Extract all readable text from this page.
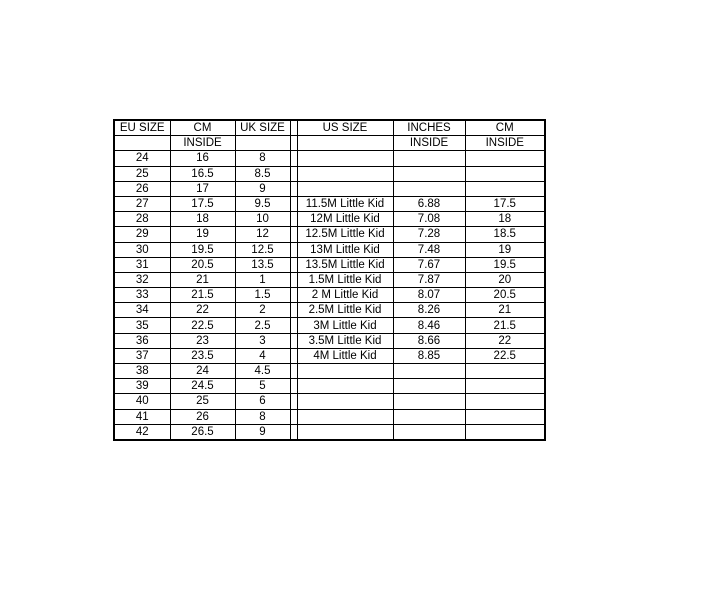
EU SIZE	CM	UK SIZE		US SIZE	INCHES	CM
	INSIDE				INSIDE	INSIDE
24	16	8				
25	16.5	8.5				
26	17	9				
27	17.5	9.5		11.5M Little Kid	6.88	17.5
28	18	10		12M Little Kid	7.08	18
29	19	12		12.5M Little Kid	7.28	18.5
30	19.5	12.5		13M Little Kid	7.48	19
31	20.5	13.5		13.5M Little Kid	7.67	19.5
32	21	1		1.5M Little Kid	7.87	20
33	21.5	1.5		2 M Little Kid	8.07	20.5
34	22	2		2.5M Little Kid	8.26	21
35	22.5	2.5		3M Little Kid	8.46	21.5
36	23	3		3.5M Little Kid	8.66	22
37	23.5	4		4M Little Kid	8.85	22.5
38	24	4.5				
39	24.5	5				
40	25	6				
41	26	8				
42	26.5	9				
